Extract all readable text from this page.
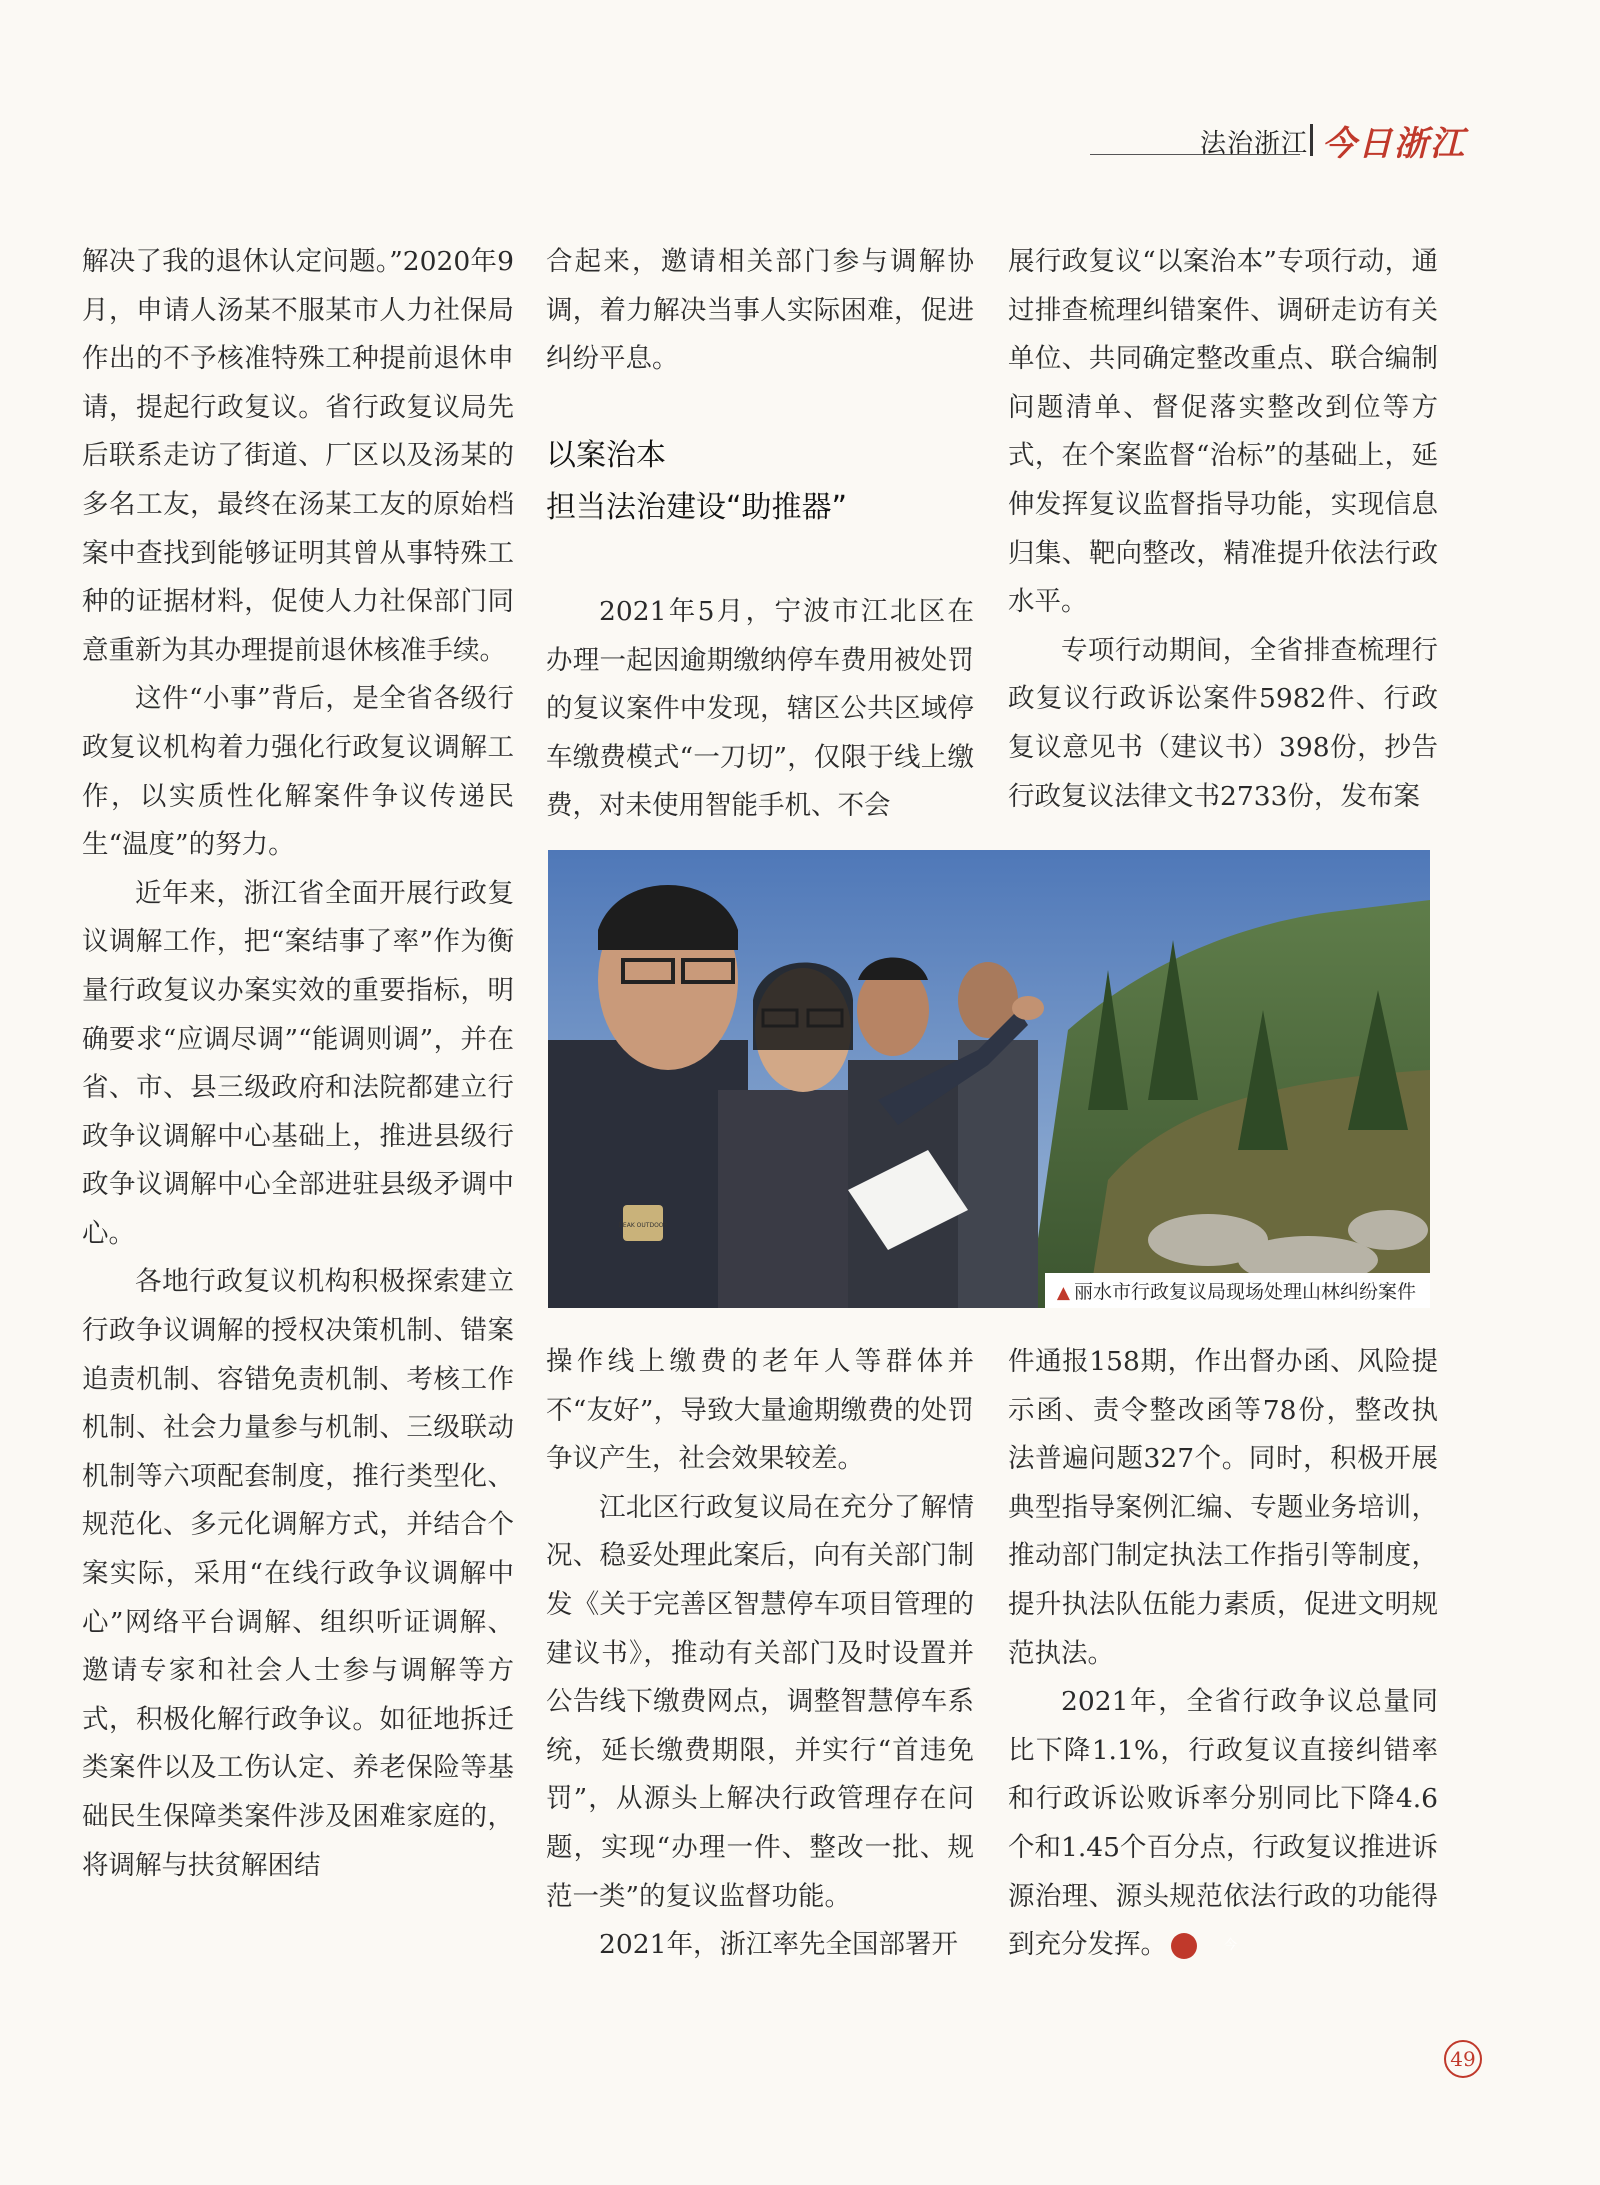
法治浙江 今日浙江

解决了我的退休认定问题。”2020年9月，申请人汤某不服某市人力社保局作出的不予核准特殊工种提前退休申请，提起行政复议。省行政复议局先后联系走访了街道、厂区以及汤某的多名工友，最终在汤某工友的原始档案中查找到能够证明其曾从事特殊工种的证据材料，促使人力社保部门同意重新为其办理提前退休核准手续。

这件“小事”背后，是全省各级行政复议机构着力强化行政复议调解工作，以实质性化解案件争议传递民生“温度”的努力。

近年来，浙江省全面开展行政复议调解工作，把“案结事了率”作为衡量行政复议办案实效的重要指标，明确要求“应调尽调”“能调则调”，并在省、市、县三级政府和法院都建立行政争议调解中心基础上，推进县级行政争议调解中心全部进驻县级矛调中心。

各地行政复议机构积极探索建立行政争议调解的授权决策机制、错案追责机制、容错免责机制、考核工作机制、社会力量参与机制、三级联动机制等六项配套制度，推行类型化、规范化、多元化调解方式，并结合个案实际，采用“在线行政争议调解中心”网络平台调解、组织听证调解、邀请专家和社会人士参与调解等方式，积极化解行政争议。如征地拆迁类案件以及工伤认定、养老保险等基础民生保障类案件涉及困难家庭的，将调解与扶贫解困结

合起来，邀请相关部门参与调解协调，着力解决当事人实际困难，促进纠纷平息。

以案治本

担当法治建设“助推器”

2021年5月，宁波市江北区在办理一起因逾期缴纳停车费用被处罚的复议案件中发现，辖区公共区域停车缴费模式“一刀切”，仅限于线上缴费，对未使用智能手机、不会

操作线上缴费的老年人等群体并不“友好”，导致大量逾期缴费的处罚争议产生，社会效果较差。

江北区行政复议局在充分了解情况、稳妥处理此案后，向有关部门制发《关于完善区智慧停车项目管理的建议书》，推动有关部门及时设置并公告线下缴费网点，调整智慧停车系统，延长缴费期限，并实行“首违免罚”，从源头上解决行政管理存在问题，实现“办理一件、整改一批、规范一类”的复议监督功能。

2021年，浙江率先全国部署开

展行政复议“以案治本”专项行动，通过排查梳理纠错案件、调研走访有关单位、共同确定整改重点、联合编制问题清单、督促落实整改到位等方式，在个案监督“治标”的基础上，延伸发挥复议监督指导功能，实现信息归集、靶向整改，精准提升依法行政水平。

专项行动期间，全省排查梳理行政复议行政诉讼案件5982件、行政复议意见书（建议书）398份，抄告行政复议法律文书2733份，发布案

件通报158期，作出督办函、风险提示函、责令整改函等78份，整改执法普遍问题327个。同时，积极开展典型指导案例汇编、专题业务培训，推动部门制定执法工作指引等制度，提升执法队伍能力素质，促进文明规范执法。

2021年，全省行政争议总量同比下降1.1%，行政复议直接纠错率和行政诉讼败诉率分别同比下降4.6个和1.45个百分点，行政复议推进诉源治理、源头规范依法行政的功能得到充分发挥。	今

DEAK OUTDOOR
▲ 丽水市行政复议局现场处理山林纠纷案件
49
